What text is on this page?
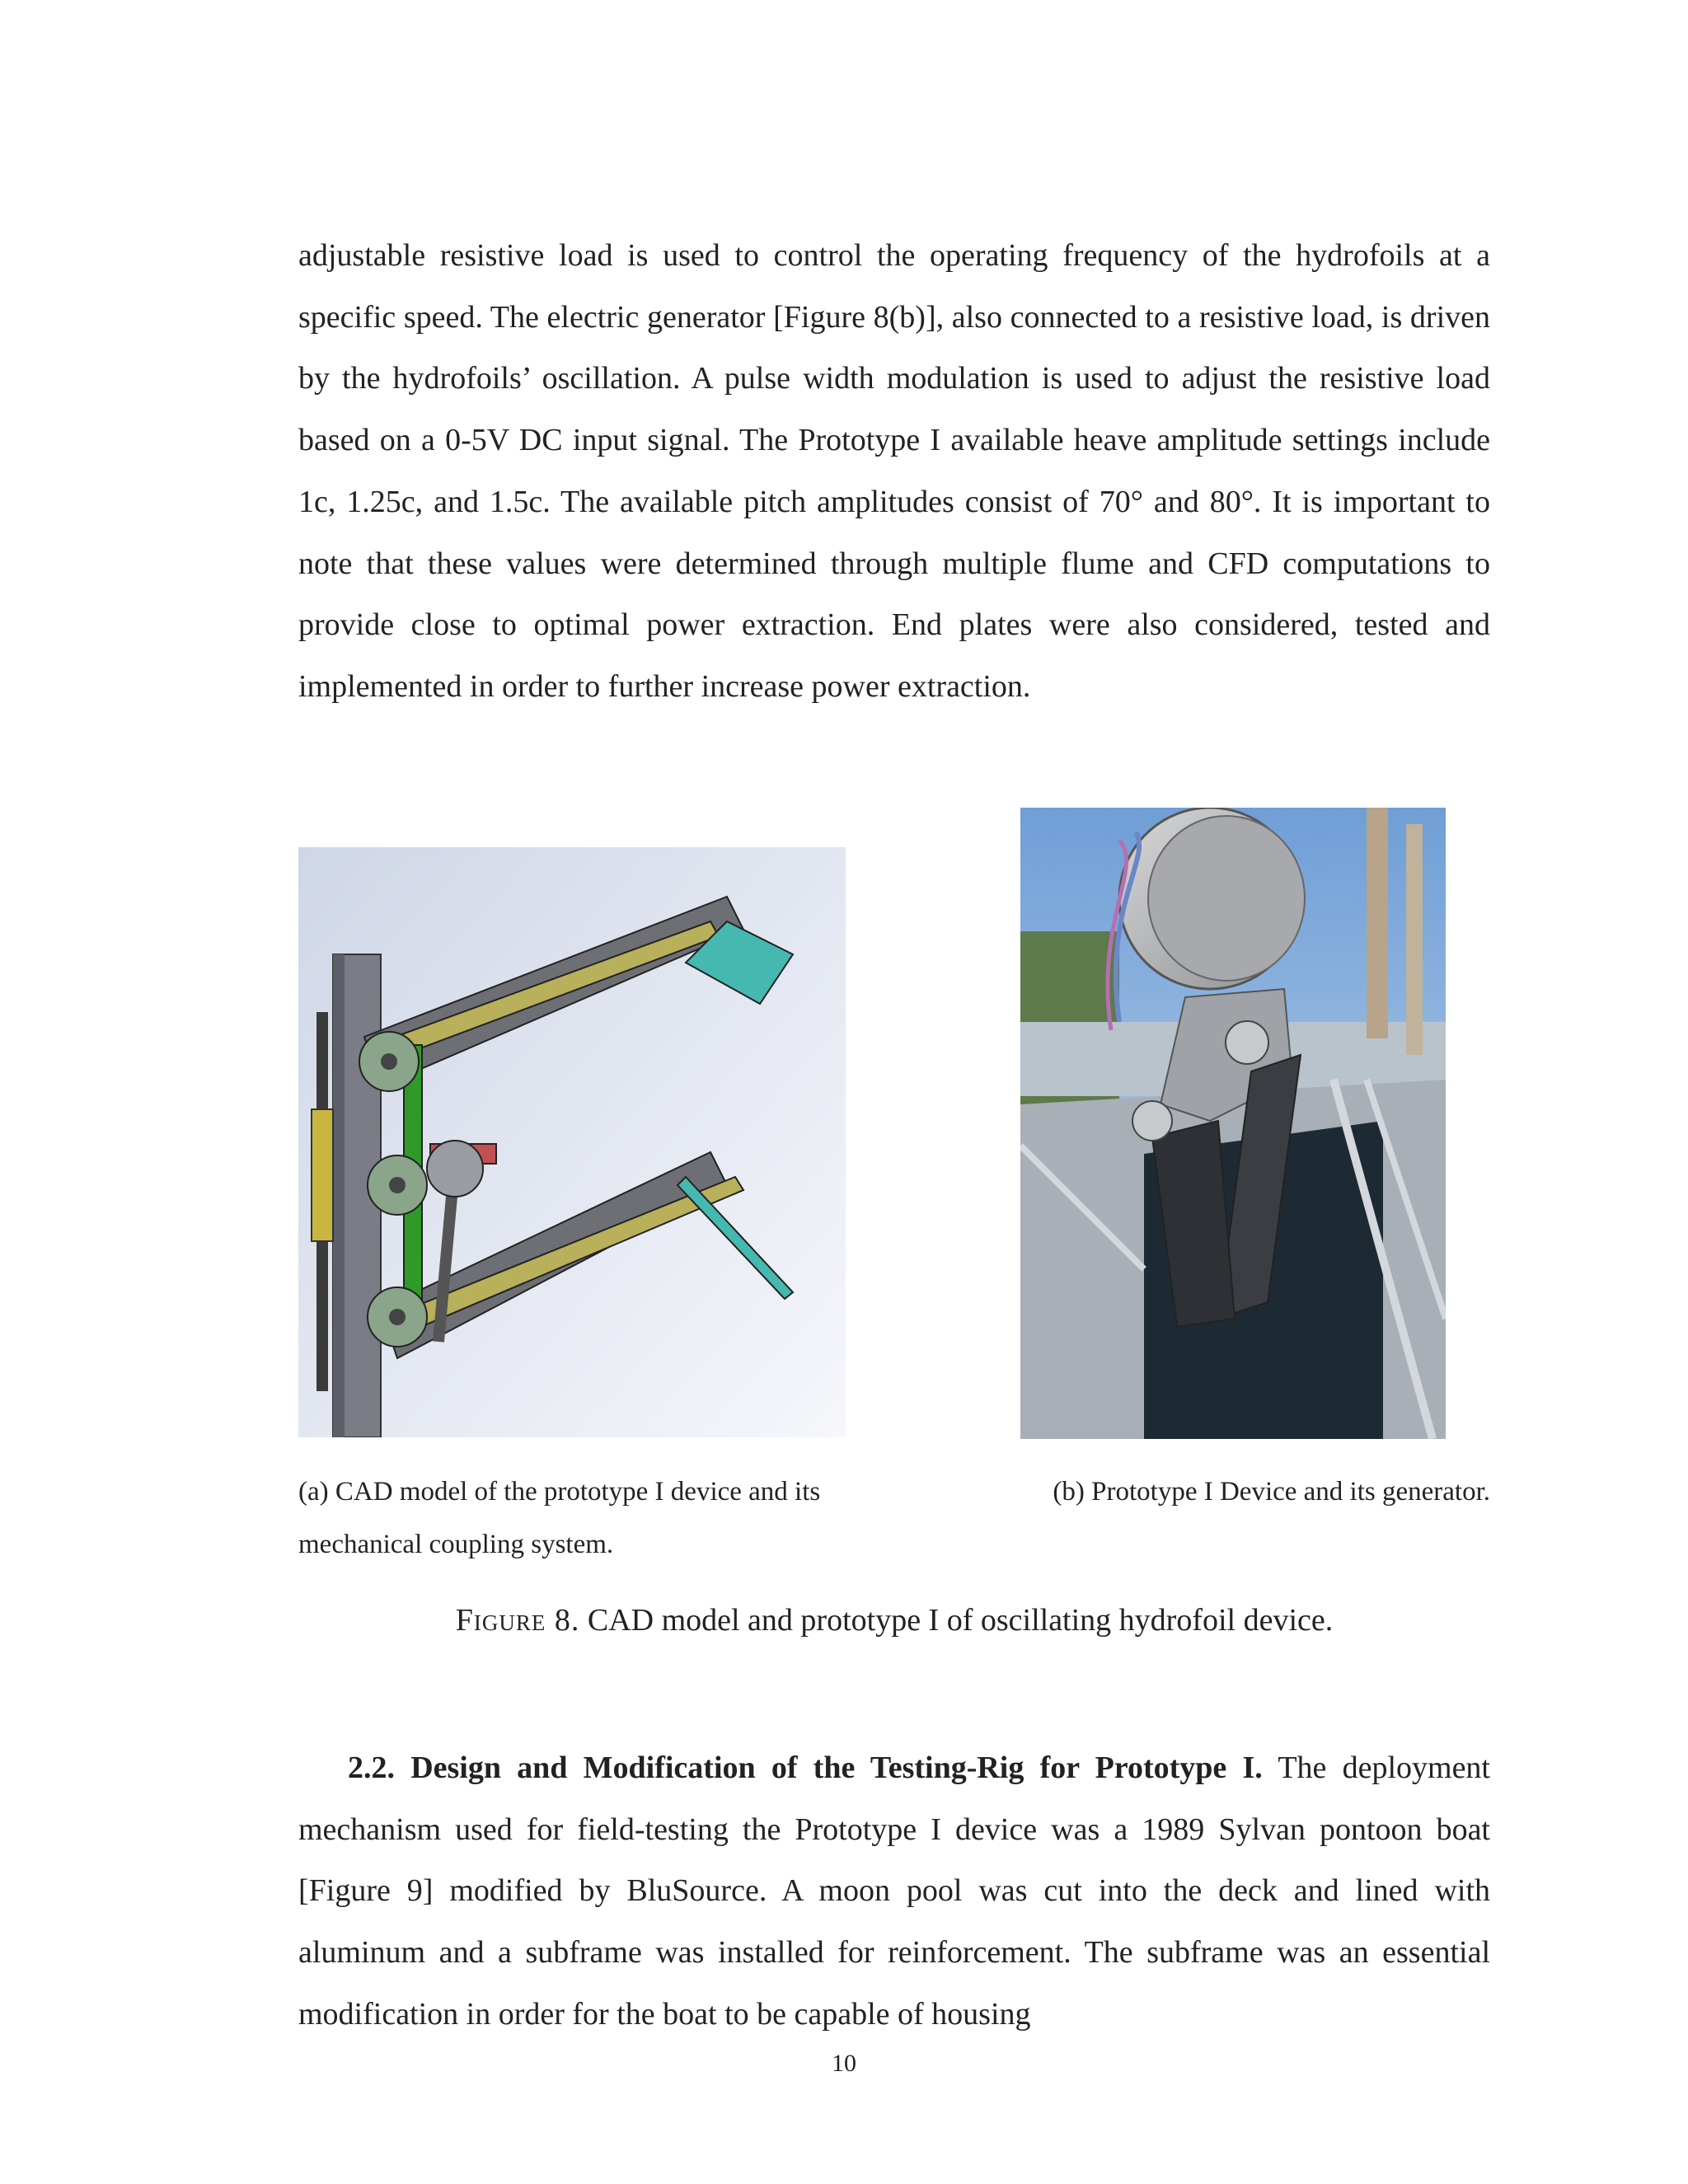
adjustable resistive load is used to control the operating frequency of the hydrofoils at a specific speed. The electric generator [Figure 8(b)], also connected to a resistive load, is driven by the hydrofoils’ oscillation. A pulse width modulation is used to adjust the resistive load based on a 0-5V DC input signal. The Prototype I available heave amplitude settings include 1c, 1.25c, and 1.5c. The available pitch amplitudes consist of 70° and 80°. It is important to note that these values were determined through multiple flume and CFD computations to provide close to optimal power extraction. End plates were also considered, tested and implemented in order to further increase power extraction.

(a) CAD model of the prototype I device and its mechanical coupling system.

(b) Prototype I Device and its generator.

Figure 8. CAD model and prototype I of oscillating hydrofoil device.

2.2. Design and Modification of the Testing-Rig for Prototype I. The deployment mechanism used for field-testing the Prototype I device was a 1989 Sylvan pontoon boat [Figure 9] modified by BluSource. A moon pool was cut into the deck and lined with aluminum and a subframe was installed for reinforcement. The subframe was an essential modification in order for the boat to be capable of housing

10
